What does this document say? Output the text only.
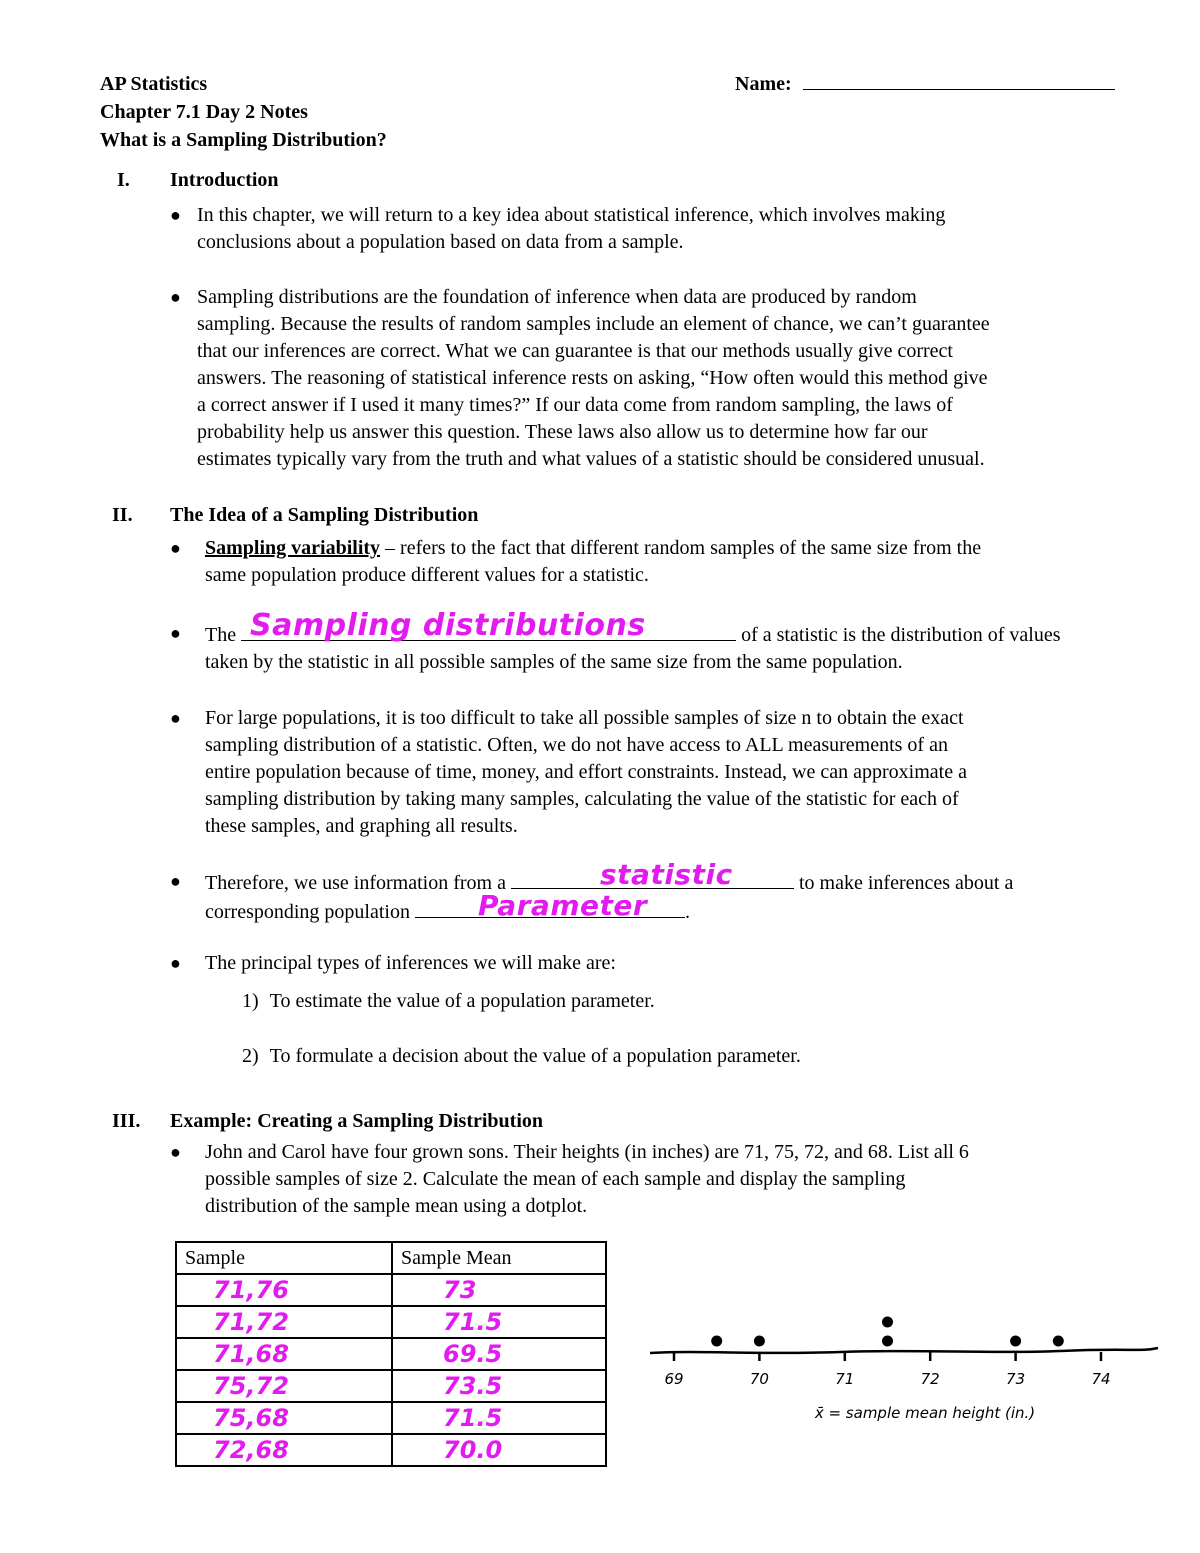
AP Statistics
Chapter 7.1 Day 2 Notes
What is a Sampling Distribution?
Name:
I. Introduction
● In this chapter, we will return to a key idea about statistical inference, which involves making
conclusions about a population based on data from a sample.
● Sampling distributions are the foundation of inference when data are produced by random
sampling. Because the results of random samples include an element of chance, we can’t guarantee
that our inferences are correct. What we can guarantee is that our methods usually give correct
answers. The reasoning of statistical inference rests on asking, “How often would this method give
a correct answer if I used it many times?” If our data come from random sampling, the laws of
probability help us answer this question. These laws also allow us to determine how far our
estimates typically vary from the truth and what values of a statistic should be considered unusual.
II. The Idea of a Sampling Distribution
● Sampling variability – refers to the fact that different random samples of the same size from the
same population produce different values for a statistic.
● The	of a statistic is the distribution of values
taken by the statistic in all possible samples of the same size from the same population.
Sampling distributions
● For large populations, it is too difficult to take all possible samples of size n to obtain the exact
sampling distribution of a statistic. Often, we do not have access to ALL measurements of an
entire population because of time, money, and effort constraints. Instead, we can approximate a
sampling distribution by taking many samples, calculating the value of the statistic for each of
these samples, and graphing all results.
● Therefore, we use information from a	to make inferences about a
corresponding population	.
statistic
Parameter
● The principal types of inferences we will make are:
1) To estimate the value of a population parameter.
2) To formulate a decision about the value of a population parameter.
III. Example: Creating a Sampling Distribution
● John and Carol have four grown sons. Their heights (in inches) are 71, 75, 72, and 68. List all 6
possible samples of size 2. Calculate the mean of each sample and display the sampling
distribution of the sample mean using a dotplot.
Sample	Sample Mean
71,76	73
71,72	71.5
71,68	69.5
75,72	73.5
75,68	71.5
72,68	70.0
69	70	71	72	73	74
x̄ = sample mean height (in.)
